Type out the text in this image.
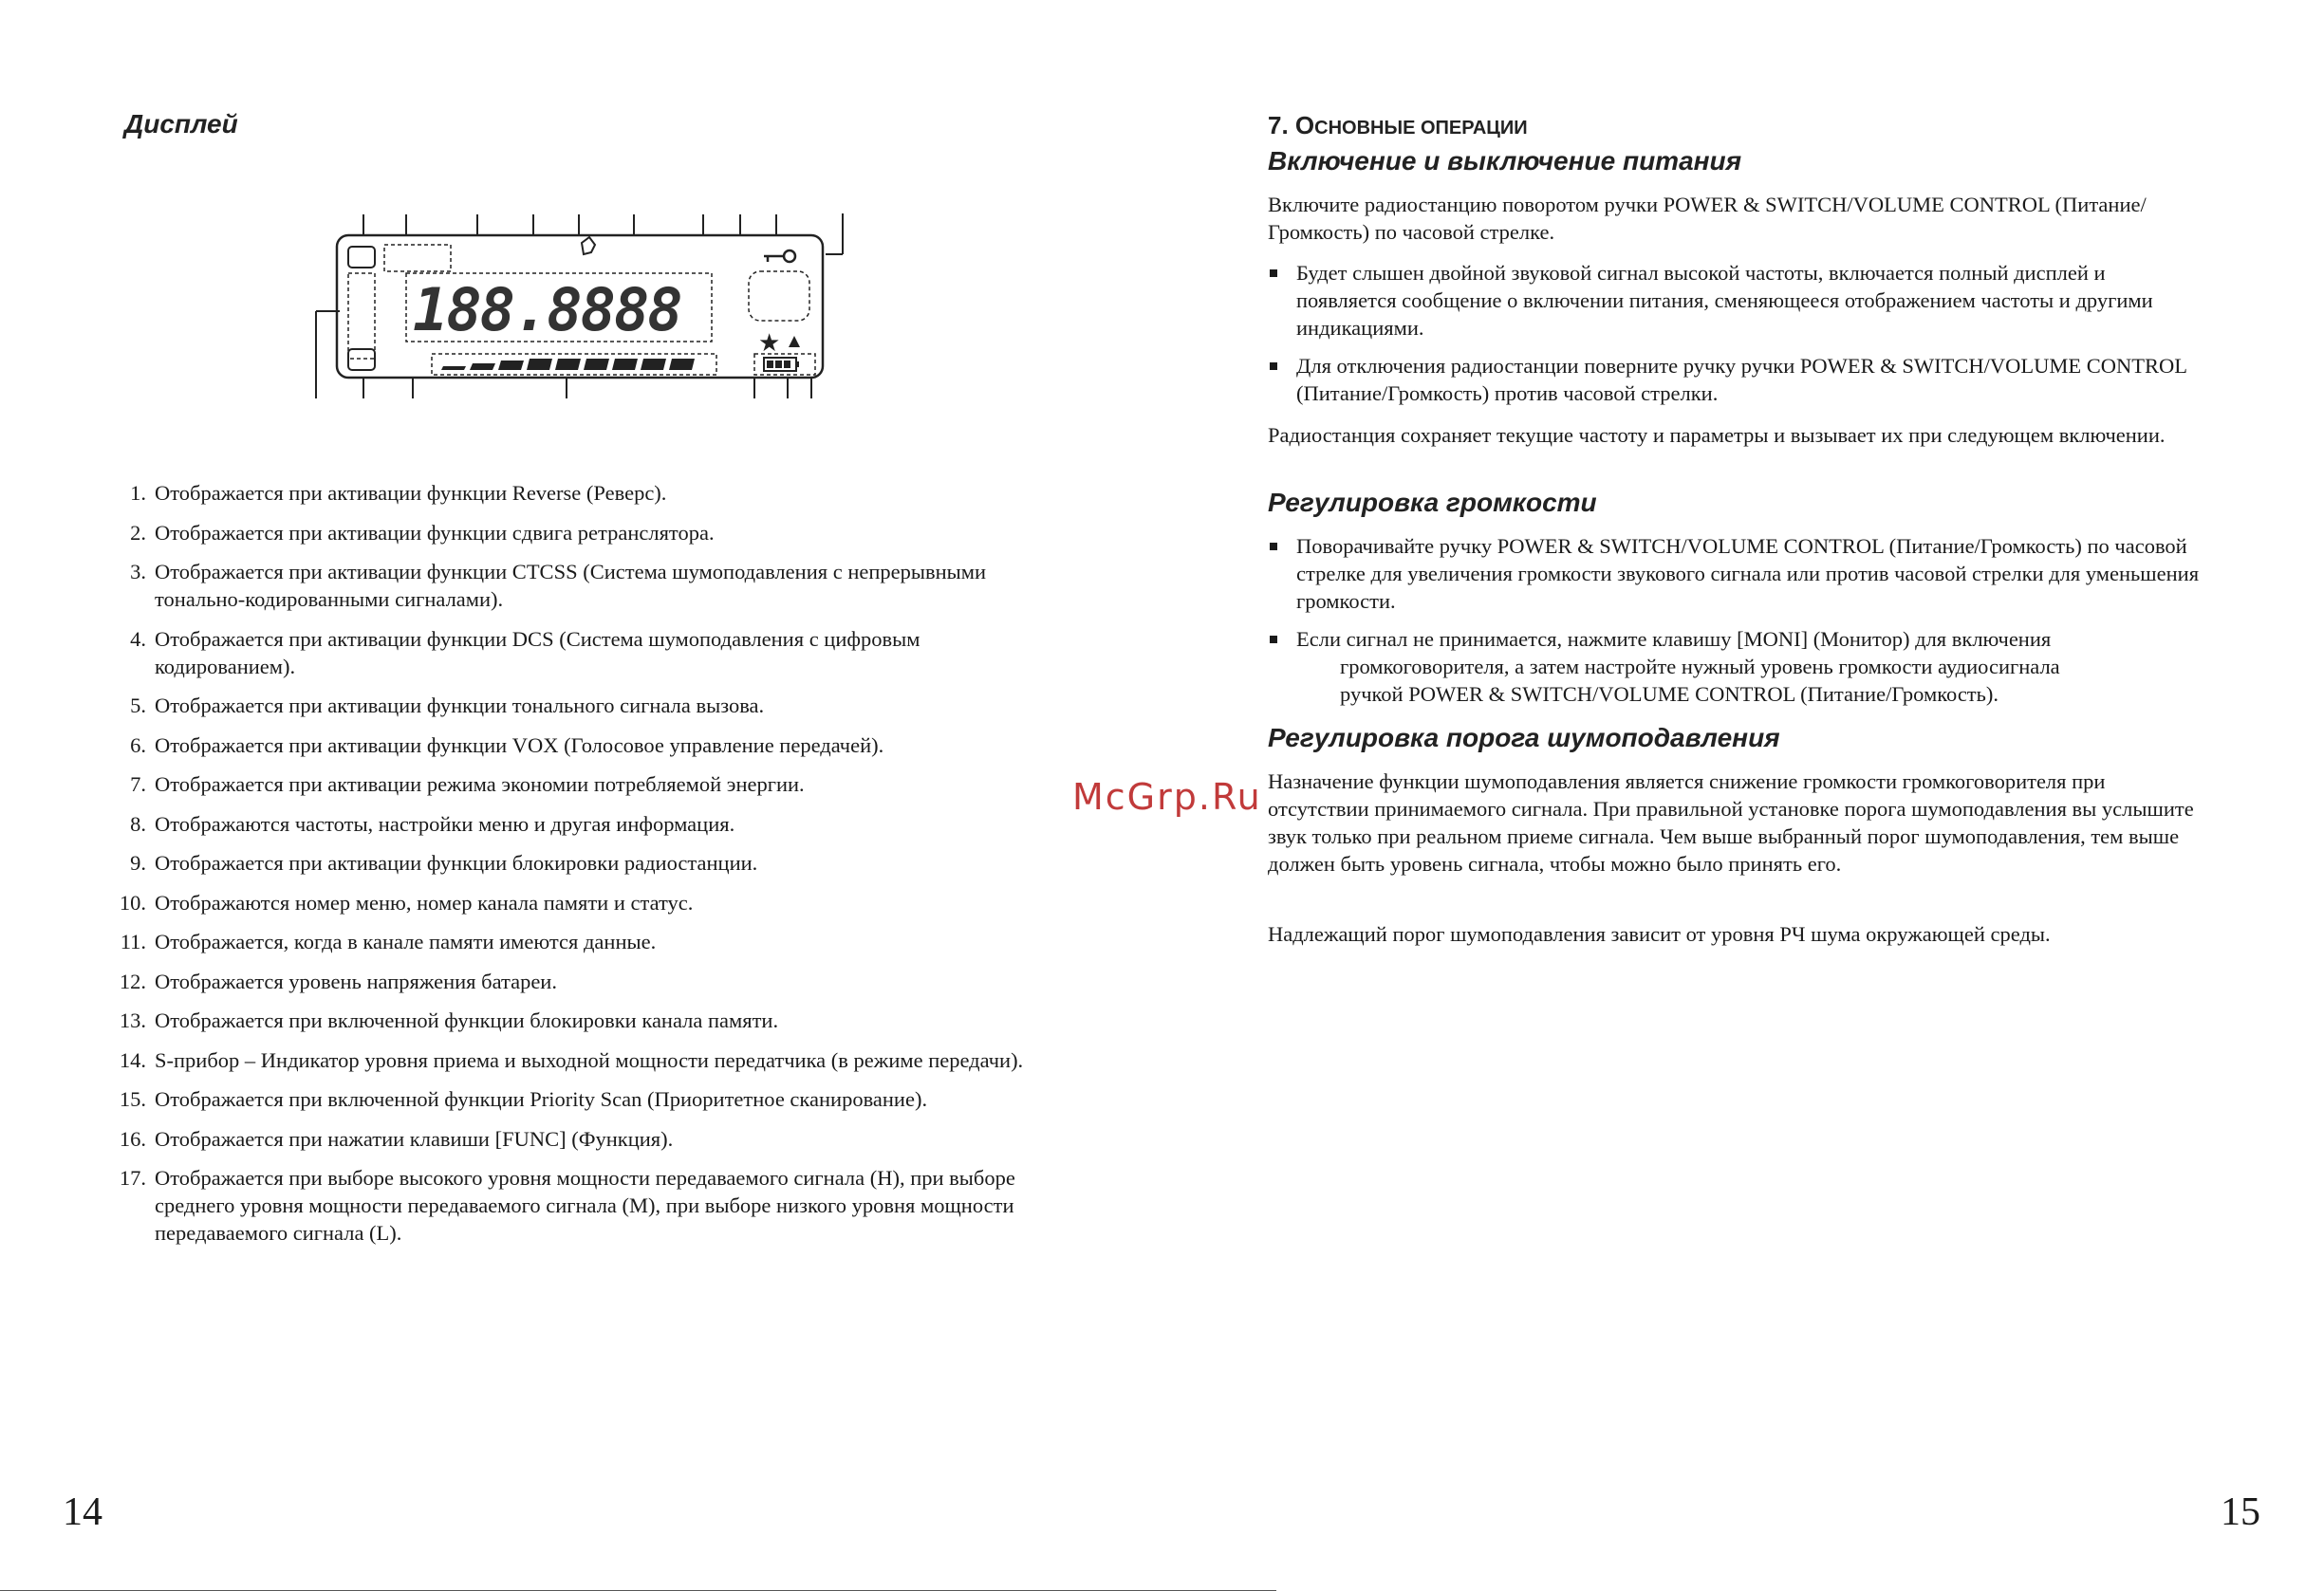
Дисплей
188.8888	★
1. Отображается при активации функции Reverse (Реверс).
2. Отображается при активации функции сдвига ретранслятора.
3. Отображается при активации функции CTCSS (Система шумоподавления с непрерывными тонально-кодированными сигналами).
4. Отображается при активации функции DCS (Система шумоподавления с цифровым кодированием).
5. Отображается при активации функции тонального сигнала вызова.
6. Отображается при активации функции VOX (Голосовое управление передачей).
7. Отображается при активации режима экономии потребляемой энергии.
8. Отображаются частоты, настройки меню и другая информация.
9. Отображается при активации функции блокировки радиостанции.
10. Отображаются номер меню, номер канала памяти и статус.
11. Отображается, когда в канале памяти имеются данные.
12. Отображается уровень напряжения батареи.
13. Отображается при включенной функции блокировки канала памяти.
14. S-прибор – Индикатор уровня приема и выходной мощности передатчика (в режиме передачи).
15. Отображается при включенной функции Priority Scan (Приоритетное сканирование).
16. Отображается при нажатии клавиши [FUNC] (Функция).
17. Отображается при выборе высокого уровня мощности передаваемого сигнала (H), при выборе среднего уровня мощности передаваемого сигнала (M), при выборе низкого уровня мощности передаваемого сигнала (L).

14

7. ОСНОВНЫЕ ОПЕРАЦИИ
Включение и выключение питания

Включите радиостанцию поворотом ручки POWER & SWITCH/VOLUME CONTROL (Питание/Громкость) по часовой стрелке.

Будет слышен двойной звуковой сигнал высокой частоты, включается полный дисплей и появляется сообщение о включении питания, сменяющееся отображением частоты и другими индикациями.
Для отключения радиостанции поверните ручку ручки POWER & SWITCH/VOLUME CONTROL (Питание/Громкость) против часовой стрелки.

Радиостанция сохраняет текущие частоту и параметры и вызывает их при следующем включении.

Регулировка громкости
Поворачивайте ручку POWER & SWITCH/VOLUME CONTROL (Питание/Громкость) по часовой стрелке для увеличения громкости звукового сигнала или против часовой стрелки для уменьшения громкости.
Если сигнал не принимается, нажмите клавишу [MONI] (Монитор) для включения
громкоговорителя, а затем настройте нужный уровень громкости аудиосигнала
ручкой POWER & SWITCH/VOLUME CONTROL (Питание/Громкость).
Регулировка порога шумоподавления

Назначение функции шумоподавления является снижение громкости громкоговорителя при отсутствии принимаемого сигнала. При правильной установке порога шумоподавления вы услышите звук только при реальном приеме сигнала. Чем выше выбранный порог шумоподавления, тем выше должен быть уровень сигнала, чтобы можно было принять его.

Надлежащий порог шумоподавления зависит от уровня РЧ шума окружающей среды.

15

McGrp.Ru
